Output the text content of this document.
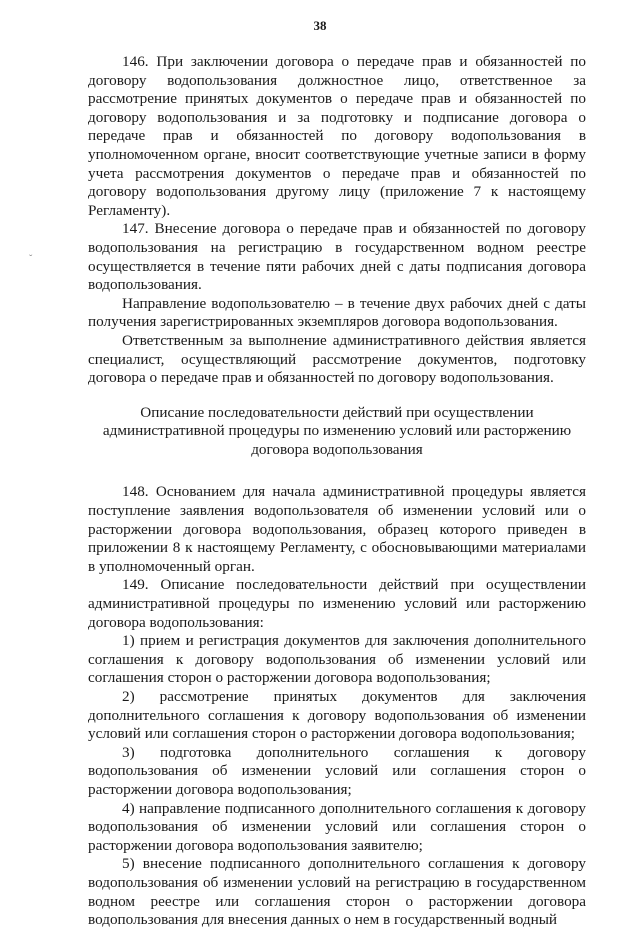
38
ˇ

146. При заключении договора о передаче прав и обязанностей по договору водопользования должностное лицо, ответственное за рассмотрение принятых документов о передаче прав и обязанностей по договору водопользования и за подготовку и подписание договора о передаче прав и обязанностей по договору водопользования в уполномоченном органе, вносит соответствующие учетные записи в форму учета рассмотрения документов о передаче прав и обязанностей по договору водопользования другому лицу (приложение 7 к настоящему Регламенту).

147. Внесение договора о передаче прав и обязанностей по договору водопользования на регистрацию в государственном водном реестре осуществляется в течение пяти рабочих дней с даты подписания договора водопользования.

Направление водопользователю – в течение двух рабочих дней с даты получения зарегистрированных экземпляров договора водопользования.

Ответственным за выполнение административного действия является специалист, осуществляющий рассмотрение документов, подготовку договора о передаче прав и обязанностей по договору водопользования.

Описание последовательности действий при осуществлении
административной процедуры по изменению условий или расторжению
договора водопользования

148. Основанием для начала административной процедуры является поступление заявления водопользователя об изменении условий или о расторжении договора водопользования, образец которого приведен в приложении 8 к настоящему Регламенту, с обосновывающими материалами в уполномоченный орган.

149. Описание последовательности действий при осуществлении административной процедуры по изменению условий или расторжению договора водопользования:

1) прием и регистрация документов для заключения дополнительного соглашения к договору водопользования об изменении условий или соглашения сторон о расторжении договора водопользования;

2) рассмотрение принятых документов для заключения дополнительного соглашения к договору водопользования об изменении условий или соглашения сторон о расторжении договора водопользования;

3) подготовка дополнительного соглашения к договору водопользования об изменении условий или соглашения сторон о расторжении договора водопользования;

4) направление подписанного дополнительного соглашения к договору водопользования об изменении условий или соглашения сторон о расторжении договора водопользования заявителю;

5) внесение подписанного дополнительного соглашения к договору водопользования об изменении условий на регистрацию в государственном водном реестре или соглашения сторон о расторжении договора водопользования для внесения данных о нем в государственный водный
